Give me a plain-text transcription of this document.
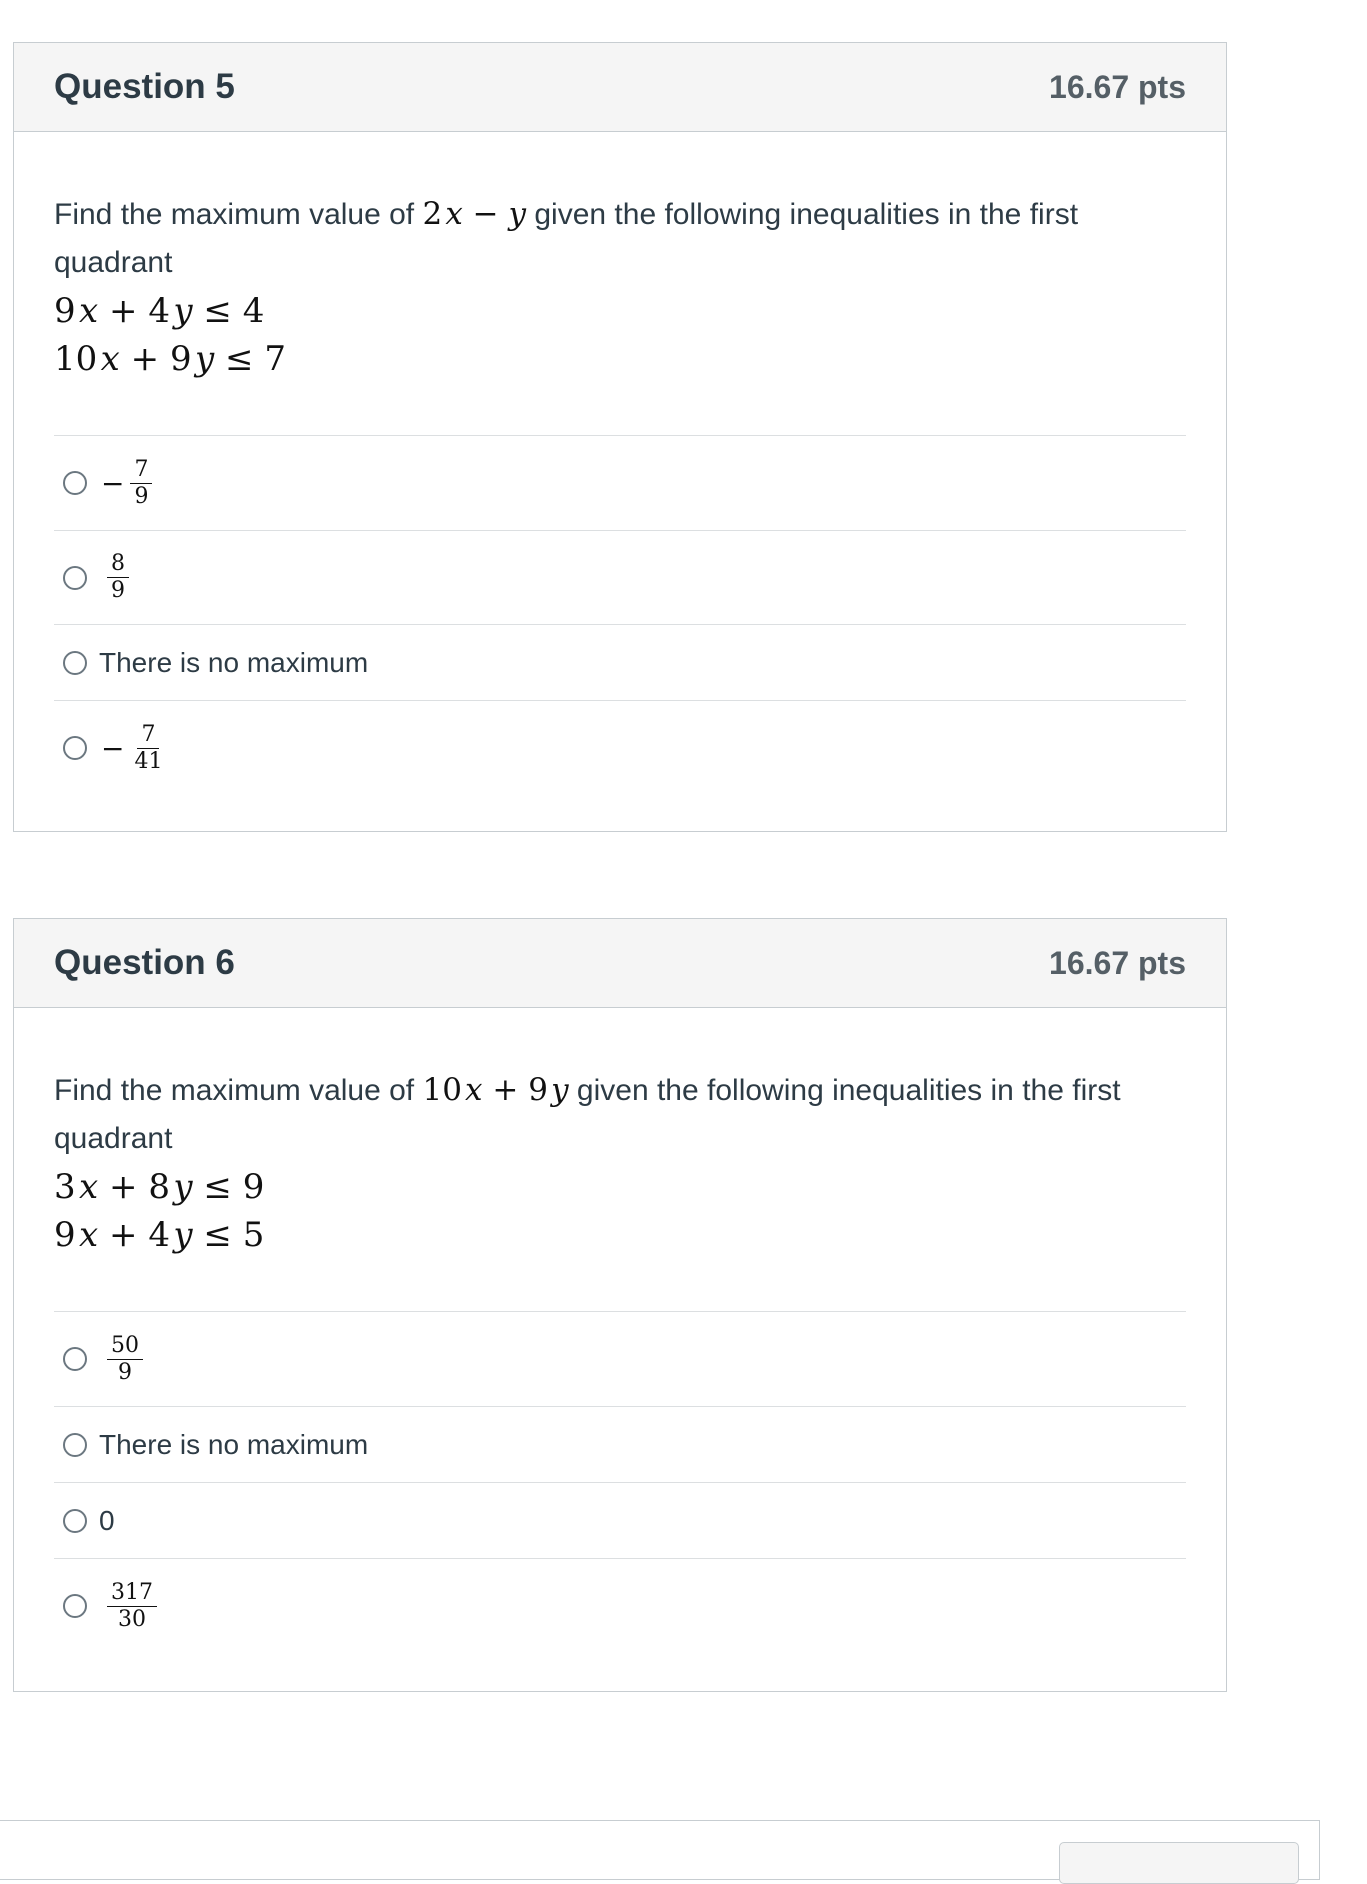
Question 5	16.67 pts
Find the maximum value of 2 x − y given the following inequalities in the first quadrant
9 x + 4 y ≤ 4
10 x + 9 y ≤ 7
− $\frac{7}{9}$
$\frac{8}{9}$
There is no maximum
− $\frac{7}{41}$
Question 6	16.67 pts
Find the maximum value of 10 x + 9 y given the following inequalities in the first quadrant
3 x + 8 y ≤ 9
9 x + 4 y ≤ 5
$\frac{50}{9}$
There is no maximum
0
$\frac{317}{30}$
